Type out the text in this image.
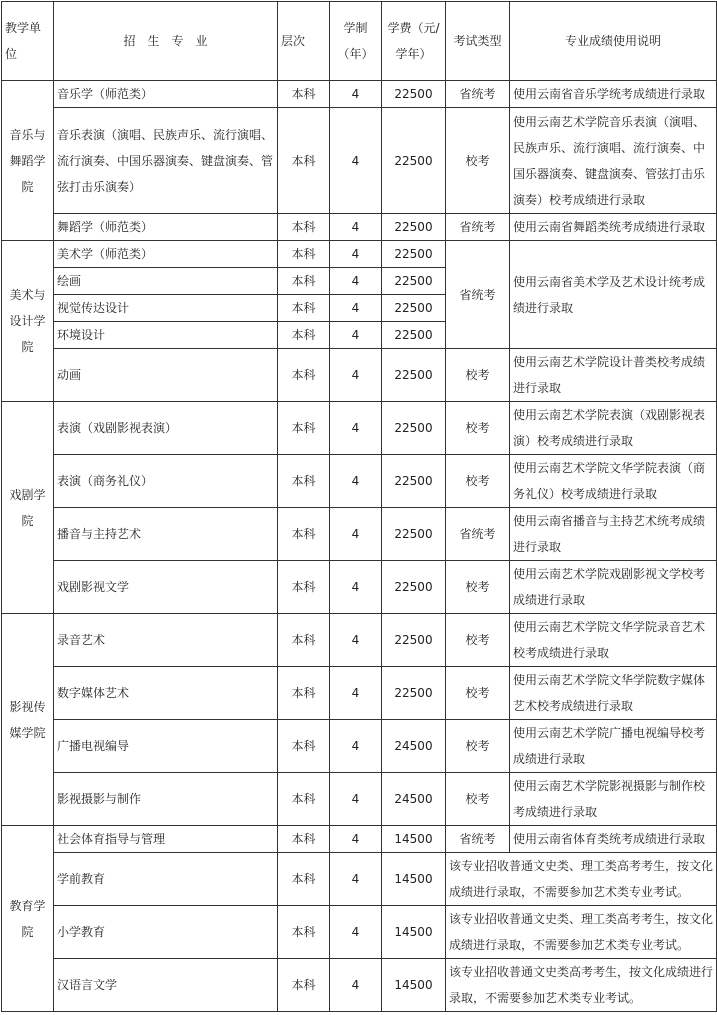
教学单位	招　生　专　业	层次	学制（年）	学费（元/学年）	考试类型	专业成绩使用说明
音乐与舞蹈学院	音乐学（师范类）	本科	4	22500	省统考	使用云南省音乐学统考成绩进行录取
	音乐表演（演唱、民族声乐、流行演唱、流行演奏、中国乐器演奏、键盘演奏、管弦打击乐演奏）	本科	4	22500	校考	使用云南艺术学院音乐表演（演唱、民族声乐、流行演唱、流行演奏、中国乐器演奏、键盘演奏、管弦打击乐演奏）校考成绩进行录取
	舞蹈学（师范类）	本科	4	22500	省统考	使用云南省舞蹈类统考成绩进行录取
美术与设计学院	美术学（师范类）	本科	4	22500	省统考	使用云南省美术学及艺术设计统考成绩进行录取
	绘画	本科	4	22500		
	视觉传达设计	本科	4	22500		
	环境设计	本科	4	22500		
	动画	本科	4	22500	校考	使用云南艺术学院设计普类校考成绩进行录取
戏剧学院	表演（戏剧影视表演）	本科	4	22500	校考	使用云南艺术学院表演（戏剧影视表演）校考成绩进行录取
	表演（商务礼仪）	本科	4	22500	校考	使用云南艺术学院文华学院表演（商务礼仪）校考成绩进行录取
	播音与主持艺术	本科	4	22500	省统考	使用云南省播音与主持艺术统考成绩进行录取
	戏剧影视文学	本科	4	22500	校考	使用云南艺术学院戏剧影视文学校考成绩进行录取
影视传媒学院	录音艺术	本科	4	22500	校考	使用云南艺术学院文华学院录音艺术校考成绩进行录取
	数字媒体艺术	本科	4	22500	校考	使用云南艺术学院文华学院数字媒体艺术校考成绩进行录取
	广播电视编导	本科	4	24500	校考	使用云南艺术学院广播电视编导校考成绩进行录取
	影视摄影与制作	本科	4	24500	校考	使用云南艺术学院影视摄影与制作校考成绩进行录取
教育学院	社会体育指导与管理	本科	4	14500	省统考	使用云南省体育类统考成绩进行录取
	学前教育	本科	4	14500	该专业招收普通文史类、理工类高考考生，按文化成绩进行录取，不需要参加艺术类专业考试。	
	小学教育	本科	4	14500	该专业招收普通文史类、理工类高考考生，按文化成绩进行录取，不需要参加艺术类专业考试。	
	汉语言文学	本科	4	14500	该专业招收普通文史类高考考生，按文化成绩进行录取，不需要参加艺术类专业考试。	
